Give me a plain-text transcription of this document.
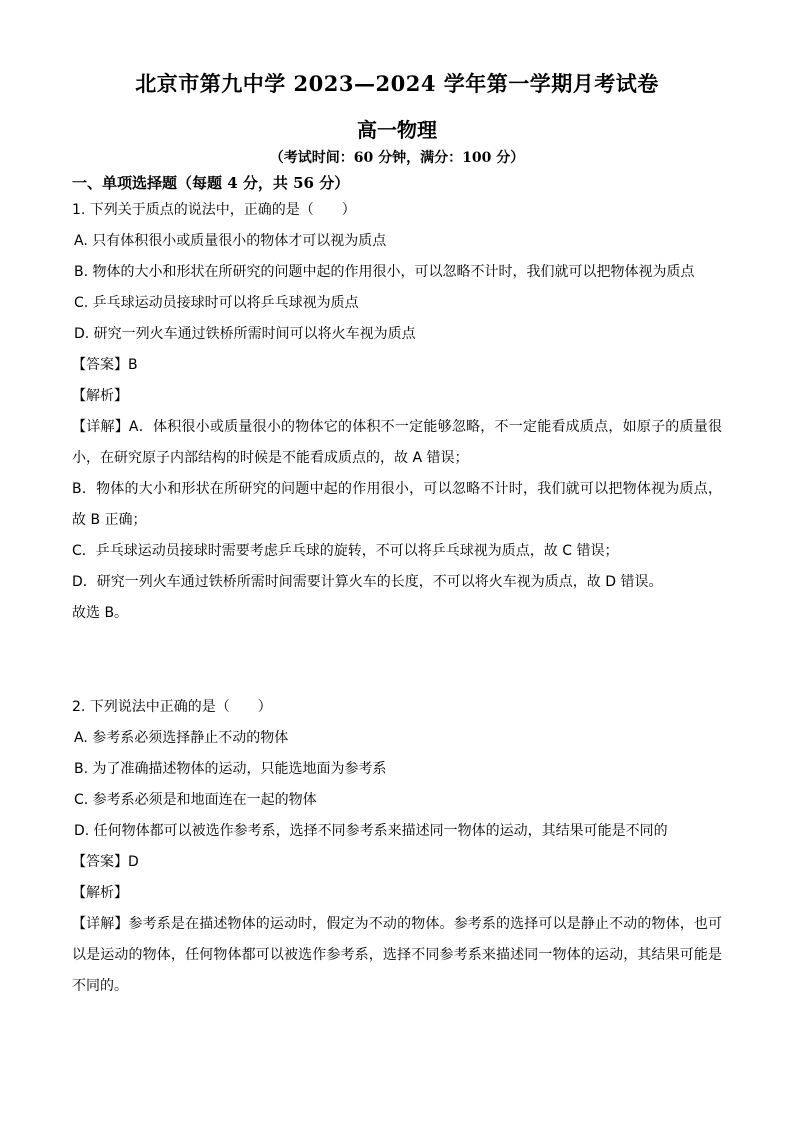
北京市第九中学 2023—2024 学年第一学期月考试卷
高一物理
（考试时间：60 分钟，满分：100 分）
一、单项选择题（每题 4 分，共 56 分）
1. 下列关于质点的说法中，正确的是（　　）
A. 只有体积很小或质量很小的物体才可以视为质点
B. 物体的大小和形状在所研究的问题中起的作用很小，可以忽略不计时，我们就可以把物体视为质点
C. 乒乓球运动员接球时可以将乒乓球视为质点
D. 研究一列火车通过铁桥所需时间可以将火车视为质点
【答案】B
【解析】
【详解】A．体积很小或质量很小的物体它的体积不一定能够忽略，不一定能看成质点，如原子的质量很
小，在研究原子内部结构的时候是不能看成质点的，故 A 错误；
B．物体的大小和形状在所研究的问题中起的作用很小，可以忽略不计时，我们就可以把物体视为质点，
故 B 正确；
C．乒乓球运动员接球时需要考虑乒乓球的旋转，不可以将乒乓球视为质点，故 C 错误；
D．研究一列火车通过铁桥所需时间需要计算火车的长度，不可以将火车视为质点，故 D 错误。
故选 B。
2. 下列说法中正确的是（　　）
A. 参考系必须选择静止不动的物体
B. 为了准确描述物体的运动，只能选地面为参考系
C. 参考系必须是和地面连在一起的物体
D. 任何物体都可以被选作参考系，选择不同参考系来描述同一物体的运动，其结果可能是不同的
【答案】D
【解析】
【详解】参考系是在描述物体的运动时，假定为不动的物体。参考系的选择可以是静止不动的物体，也可
以是运动的物体，任何物体都可以被选作参考系，选择不同参考系来描述同一物体的运动，其结果可能是
不同的。
